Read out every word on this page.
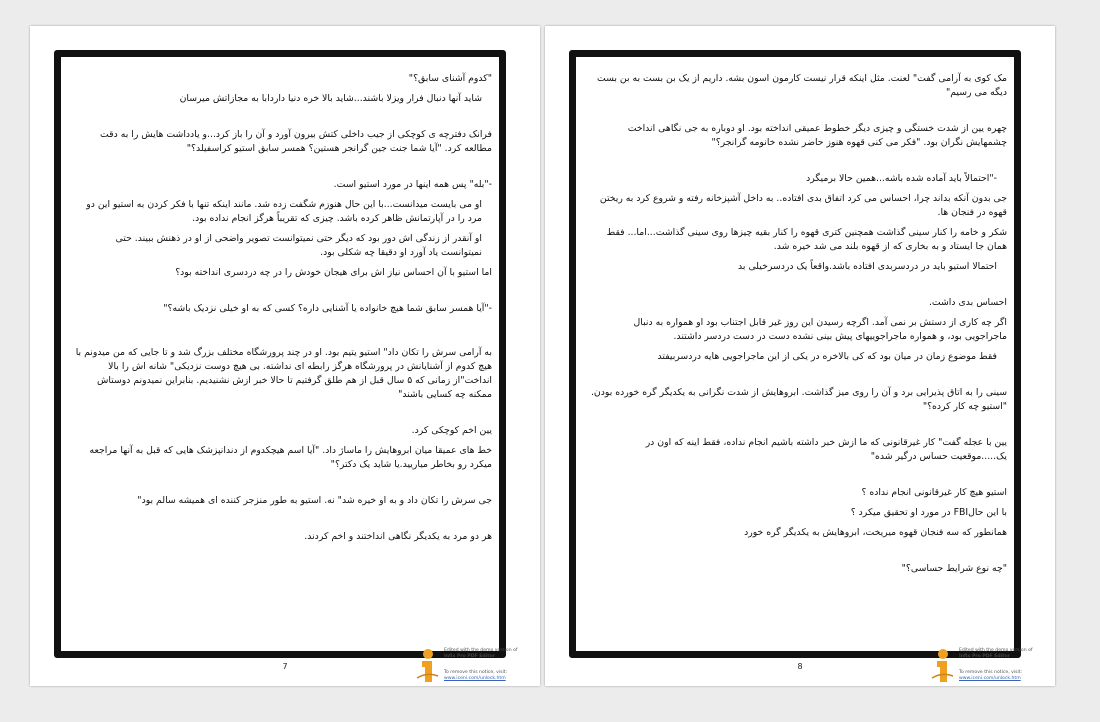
"کدوم آشنای سابق؟"

شاید آنها دنبال فرار ویزلا باشند...شاید بالا خره دنیا داردابا به مجازاتش میرسان

فرانک دفترچه ی کوچکی از جیب داخلی کتش بیرون آورد و آن را باز کرد...و یادداشت هایش را به دقت مطالعه کرد. "آیا شما جنت جین گرانجر هستین؟ همسر سابق استیو کراسفیلد؟"

-"بله" پس همه اینها در مورد استیو است.

او می بایست میدانست...با این حال هنوزم شگفت زده شد. مانند اینکه تنها با فکر کردن به استیو این دو مرد را در آپارتمانش ظاهر کرده باشد. چیزی که تقریباً هرگز انجام نداده بود.

او آنقدر از زندگی اش دور بود که دیگر حتی نمیتوانست تصویر واضحی از او در ذهنش ببیند. حتی نمیتوانست یاد آورد او دقیقا چه شکلی بود.

اما استیو با آن احساس نیاز اش برای هیجان خودش را در چه دردسری انداخته بود؟

-"آیا همسر سابق شما هیچ خانواده یا آشنایی داره؟ کسی که به او خیلی نزدیک باشه؟"

به آرامی سرش را تکان داد" استیو یتیم بود. او در چند پرورشگاه مختلف بزرگ شد و تا جایی که من میدونم با هیچ کدوم از آشنایانش در پرورشگاه هرگز رابطه ای نداشته. بی هیچ دوست نزدیکی" شانه اش را بالا انداخت"از زمانی که ۵ سال قبل از هم طلق گرفتیم تا حالا خبر ازش نشنیدیم. بنابراین نمیدونم دوستاش ممکنه چه کسایی باشند"

یین اخم کوچکی کرد.

خط های عمیقا میان ابروهایش را ماساژ داد. "آیا اسم هیچکدوم از دندانپزشک هایی که قبل به آنها مراجعه میکرد رو بخاطر میاریید.یا شاید یک دکتر؟"

جی سرش را تکان داد و به او خیره شد" نه. استیو به طور منزجر کننده ای همیشه سالم بود"

هر دو مرد به یکدیگر نگاهی انداختند و اخم کردند.

7
Edited with the demo version of
Infix Pro PDF Editor
To remove this notice, visit:
www.iceni.com/unlock.htm

مک کوی به آرامی گفت" لعنت. مثل اینکه قرار نیست کارمون اسون بشه. داریم از یک بن بست به بن بست دیگه می رسیم"

چهره یین از شدت خستگی و چیزی دیگر خطوط عمیقی انداخته بود. او دوباره به جی نگاهی انداخت چشمهایش نگران بود. "فکر می کنی قهوه هنوز حاضر نشده خانومه گرانجر؟"

-"احتمالاً باید آماده شده باشه...همین حالا برمیگرد

جی بدون آنکه بداند چرا، احساس می کرد اتفاق بدی افتاده.. به داخل آشپزخانه رفته و شروع کرد به ریختن قهوه در فنجان ها.

شکر و خامه را کنار سینی گذاشت همچنین کتری قهوه را کنار بقیه چیزها روی سینی گذاشت...اما... فقط همان جا ایستاد و به بخاری که از قهوه بلند می شد خیره شد.

احتمالا استیو باید در دردسربدی افتاده باشد.واقعاً یک دردسرخیلی بد

احساس بدی داشت.

اگر چه کاری از دستش بر نمی آمد. اگرچه رسیدن این روز غیر قابل اجتناب بود او همواره به دنبال ماجراجویی بود، و همواره ماجراجوییهای پیش بینی نشده دست در دست دردسر داشتند.

فقط موضوع زمان در میان بود که کی بالاخره در یکی از این ماجراجویی هایه دردسربیفتد

سینی را به اتاق پذیرایی برد و آن را روی میز گذاشت. ابروهایش از شدت نگرانی به یکدیگر گره خورده بودن. "استیو چه کار کرده؟"

یین با عجله گفت" کار غیرقانونی که ما ازش خبر داشته باشیم انجام نداده، فقط اینه که اون در یک.....موقعیت حساس درگیر شده"

استیو هیچ کار غیرقانونی انجام نداده ؟

با این حالFBI در مورد او تحقیق میکرد ؟

همانطور که سه فنجان قهوه میریخت، ابروهایش به یکدیگر گره خورد

"چه نوع شرایط حساسی؟"

8
Edited with the demo version of
Infix Pro PDF Editor
To remove this notice, visit:
www.iceni.com/unlock.htm
